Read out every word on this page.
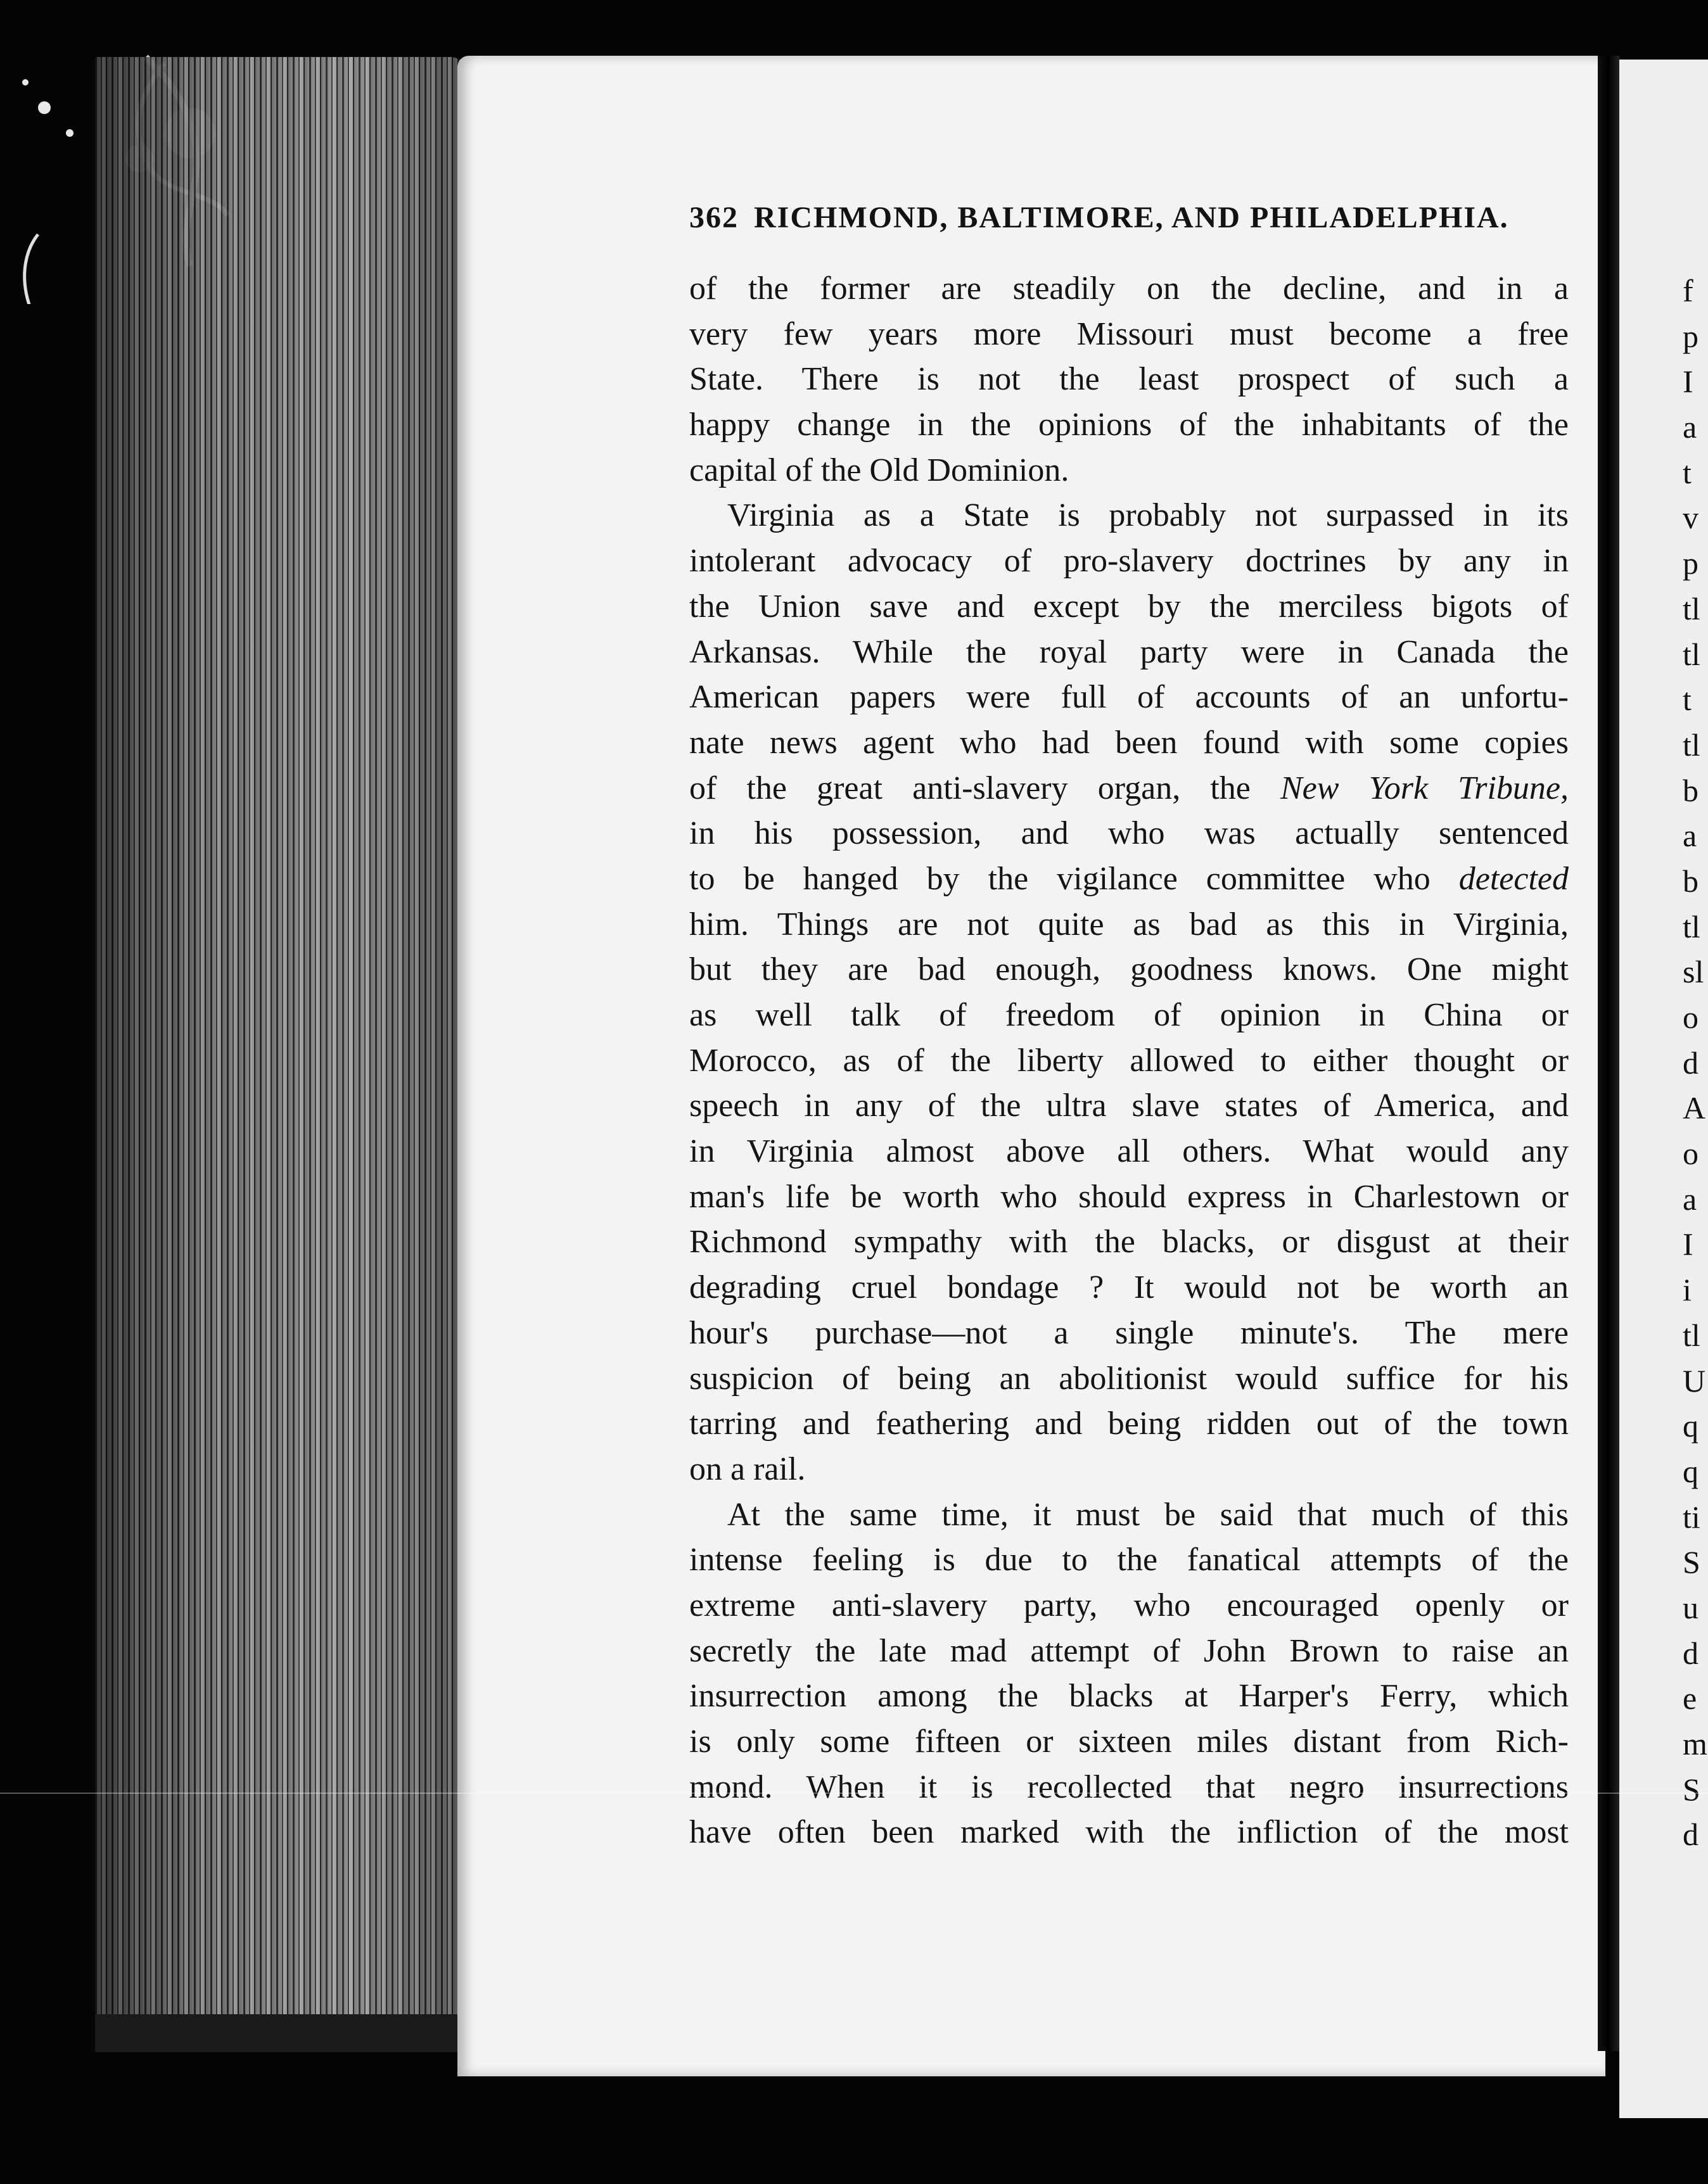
f
p
I
a
t
v
p
tl
tl
t
tl
b
a
b
tl
sl
o
d
A
o
a
I
i
tl
U
q
q
ti
S
u
d
e
m
S
d
362 RICHMOND, BALTIMORE, AND PHILADELPHIA.
of the former are steadily on the decline, and in a
very few years more Missouri must become a free
State. There is not the least prospect of such a
happy change in the opinions of the inhabitants of the
capital of the Old Dominion.
Virginia as a State is probably not surpassed in its
intolerant advocacy of pro-slavery doctrines by any in
the Union save and except by the merciless bigots of
Arkansas. While the royal party were in Canada the
American papers were full of accounts of an unfortu-
nate news agent who had been found with some copies
of the great anti-slavery organ, the New York Tribune,
in his possession, and who was actually sentenced
to be hanged by the vigilance committee who detected
him. Things are not quite as bad as this in Virginia,
but they are bad enough, goodness knows. One might
as well talk of freedom of opinion in China or
Morocco, as of the liberty allowed to either thought or
speech in any of the ultra slave states of America, and
in Virginia almost above all others. What would any
man's life be worth who should express in Charlestown or
Richmond sympathy with the blacks, or disgust at their
degrading cruel bondage ? It would not be worth an
hour's purchase—not a single minute's. The mere
suspicion of being an abolitionist would suffice for his
tarring and feathering and being ridden out of the town
on a rail.
At the same time, it must be said that much of this
intense feeling is due to the fanatical attempts of the
extreme anti-slavery party, who encouraged openly or
secretly the late mad attempt of John Brown to raise an
insurrection among the blacks at Harper's Ferry, which
is only some fifteen or sixteen miles distant from Rich-
mond. When it is recollected that negro insurrections
have often been marked with the infliction of the most
